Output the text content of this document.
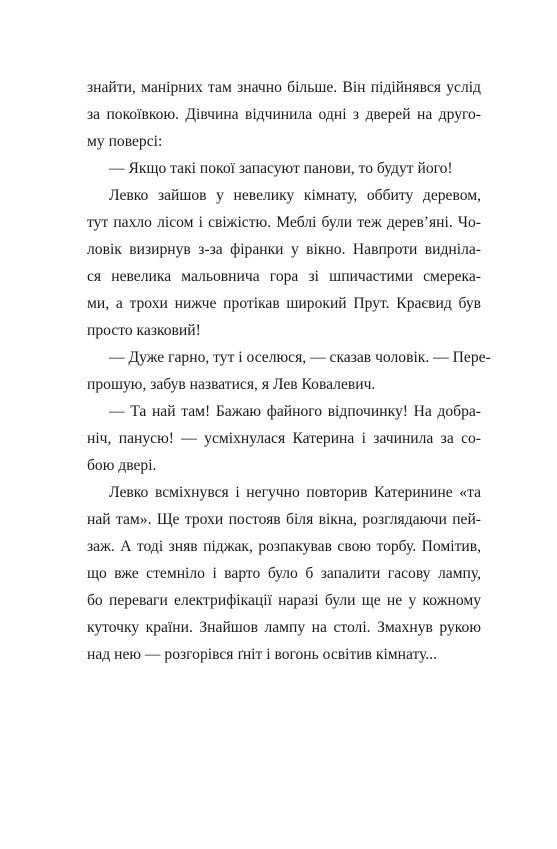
знайти, манірних там значно більше. Він підійнявся услід
за покоївкою. Дівчина відчинила одні з дверей на друго-
му поверсі:
— Якщо такі покої запасуют панови, то будут його!
Левко зайшов у невелику кімнату, оббиту деревом,
тут пахло лісом і свіжістю. Меблі були теж дерев’яні. Чо-
ловік визирнув з-за фіранки у вікно. Навпроти виднілa-
ся невелика мальовнича гора зі шпичастими смерека-
ми, а трохи нижче протікав широкий Прут. Краєвид був
просто казковий!
— Дуже гарно, тут і оселюся, — сказав чоловік. — Пере-
прошую, забув назватися, я Лев Ковалевич.
— Та най там! Бажаю файного відпочинку! На добра-
ніч, панусю! — усміхнулася Катерина і зачинила за со-
бою двері.
Левко всміхнувся і негучно повторив Катеринине «та
най там». Ще трохи постояв біля вікна, розглядаючи пей-
заж. А тоді зняв піджак, розпакував свою торбу. Помітив,
що вже стемніло і варто було б запалити гасову лампу,
бо переваги електрифікації наразі були ще не у кожному
куточку країни. Знайшов лампу на столі. Змахнув рукою
над нею — розгорівся ґніт і вогонь освітив кімнату...
